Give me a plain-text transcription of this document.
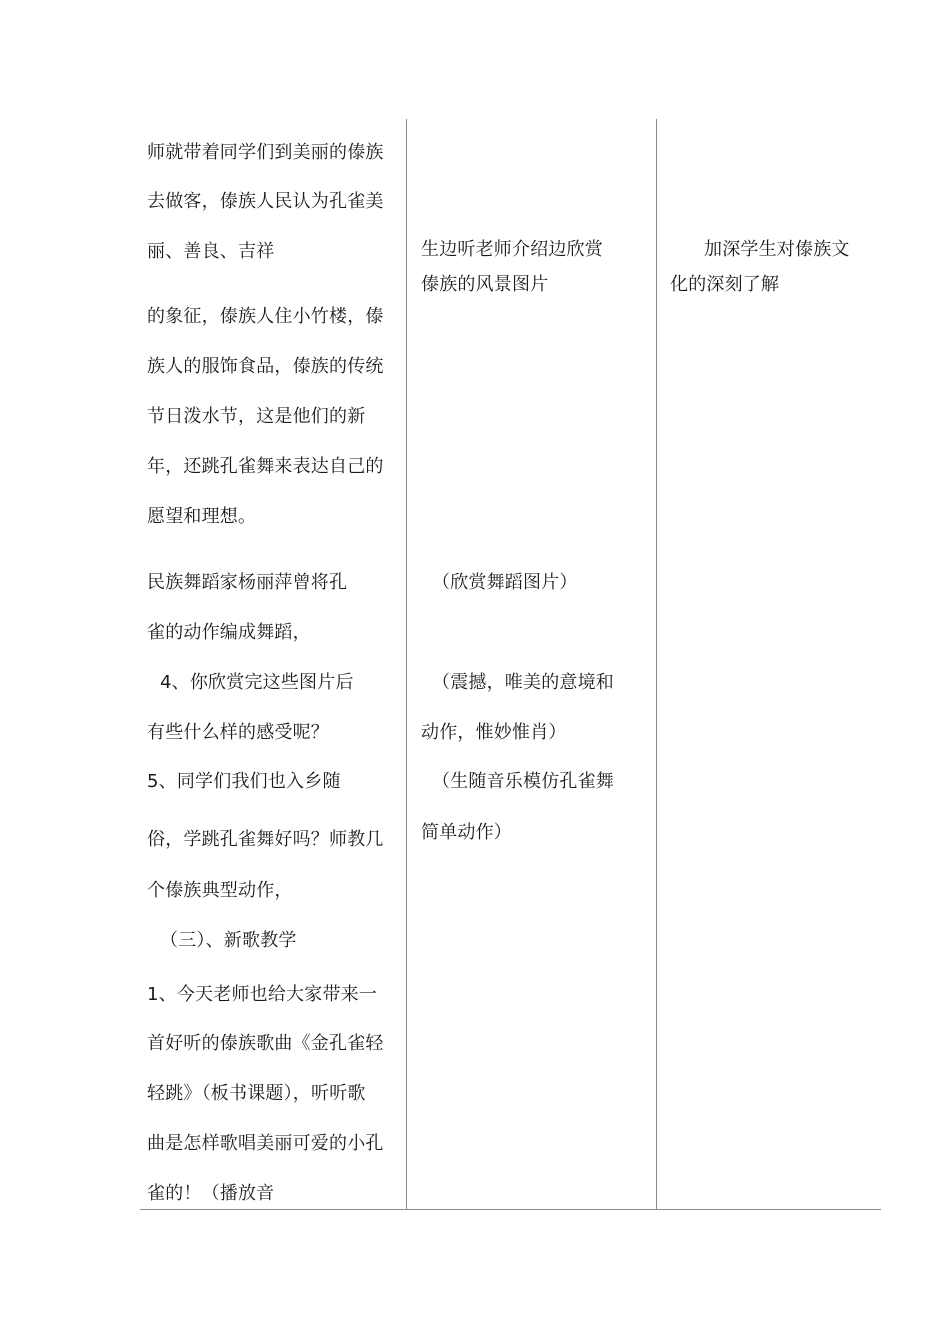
师就带着同学们到美丽的傣族
去做客，傣族人民认为孔雀美
丽、善良、吉祥
的象征，傣族人住小竹楼，傣
族人的服饰食品，傣族的传统
节日泼水节，这是他们的新
年，还跳孔雀舞来表达自己的
愿望和理想。
民族舞蹈家杨丽萍曾将孔
雀的动作编成舞蹈，
4、你欣赏完这些图片后
有些什么样的感受呢？
5、同学们我们也入乡随
俗，学跳孔雀舞好吗？师教几
个傣族典型动作，
（三）、新歌教学
1、今天老师也给大家带来一
首好听的傣族歌曲《金孔雀轻
轻跳》（板书课题），听听歌
曲是怎样歌唱美丽可爱的小孔
雀的！（播放音
生边听老师介绍边欣赏
傣族的风景图片
（欣赏舞蹈图片）
（震撼，唯美的意境和
动作，惟妙惟肖）
（生随音乐模仿孔雀舞
简单动作）
加深学生对傣族文
化的深刻了解
